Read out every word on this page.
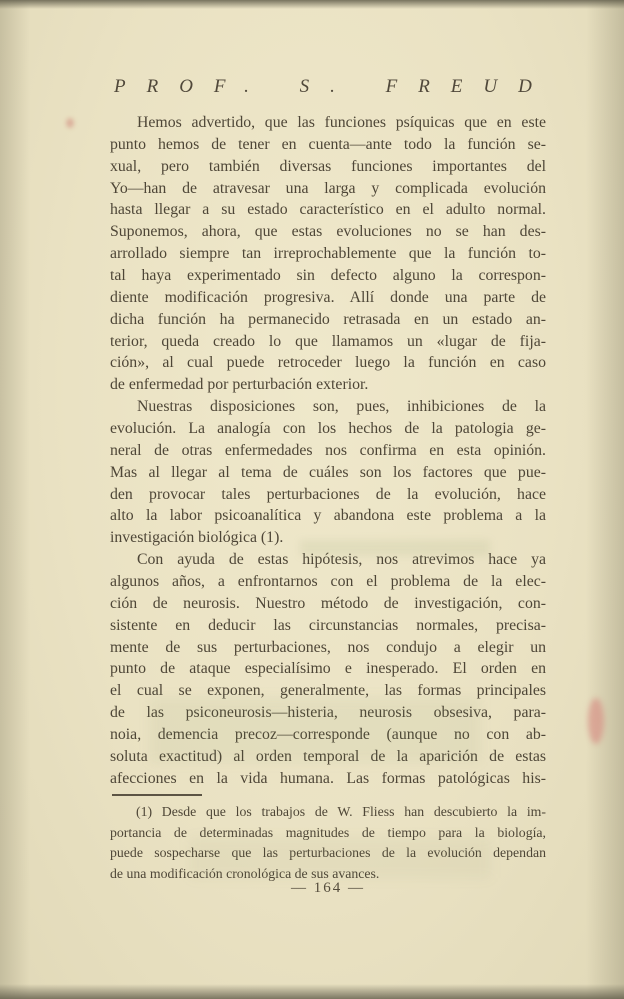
PROF. S. FREUD
Hemos advertido, que las funciones psíquicas que en este
punto hemos de tener en cuenta—ante todo la función se-
xual, pero también diversas funciones importantes del
Yo—han de atravesar una larga y complicada evolución
hasta llegar a su estado característico en el adulto normal.
Suponemos, ahora, que estas evoluciones no se han des-
arrollado siempre tan irreprochablemente que la función to-
tal haya experimentado sin defecto alguno la correspon-
diente modificación progresiva. Allí donde una parte de
dicha función ha permanecido retrasada en un estado an-
terior, queda creado lo que llamamos un «lugar de fija-
ción», al cual puede retroceder luego la función en caso
de enfermedad por perturbación exterior.
Nuestras disposiciones son, pues, inhibiciones de la
evolución. La analogía con los hechos de la patologia ge-
neral de otras enfermedades nos confirma en esta opinión.
Mas al llegar al tema de cuáles son los factores que pue-
den provocar tales perturbaciones de la evolución, hace
alto la labor psicoanalítica y abandona este problema a la
investigación biológica (1).
Con ayuda de estas hipótesis, nos atrevimos hace ya
algunos años, a enfrontarnos con el problema de la elec-
ción de neurosis. Nuestro método de investigación, con-
sistente en deducir las circunstancias normales, precisa-
mente de sus perturbaciones, nos condujo a elegir un
punto de ataque especialísimo e inesperado. El orden en
el cual se exponen, generalmente, las formas principales
de las psiconeurosis—histeria, neurosis obsesiva, para-
noia, demencia precoz—corresponde (aunque no con ab-
soluta exactitud) al orden temporal de la aparición de estas
afecciones en la vida humana. Las formas patológicas his-
(1) Desde que los trabajos de W. Fliess han descubierto la im-
portancia de determinadas magnitudes de tiempo para la biología,
puede sospecharse que las perturbaciones de la evolución dependan
de una modificación cronológica de sus avances.
— 164 —
